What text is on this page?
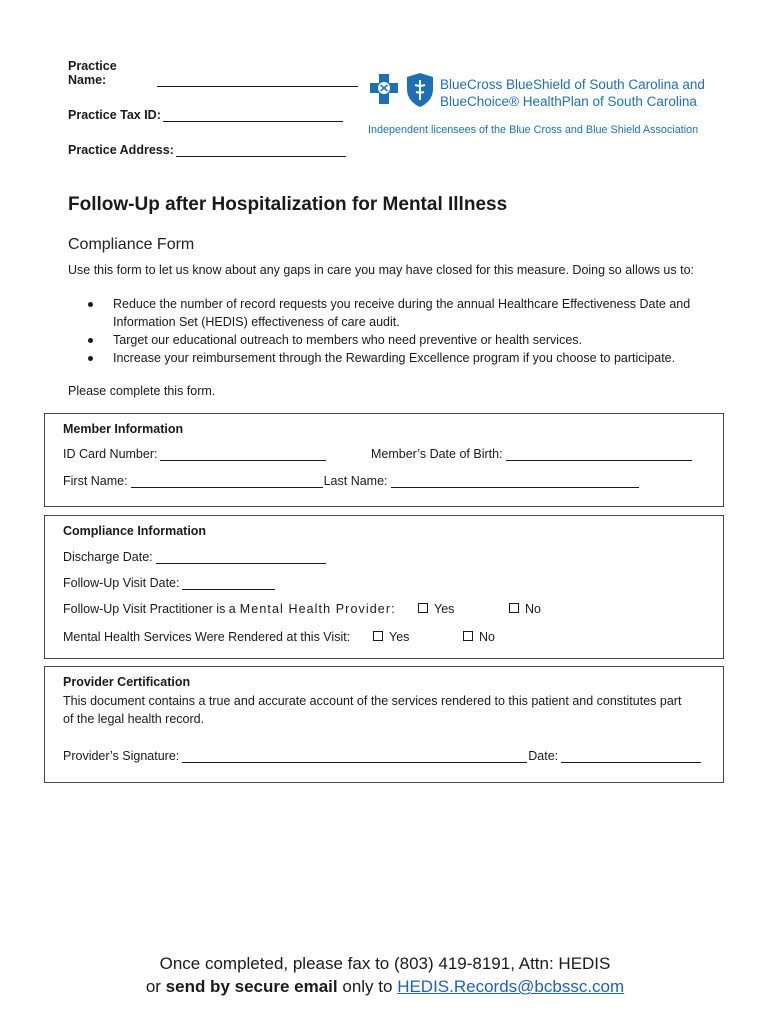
Practice Name:
Practice Tax ID:
Practice Address:
BlueCross BlueShield of South Carolina and
BlueChoice® HealthPlan of South Carolina
Independent licensees of the Blue Cross and Blue Shield Association
Follow-Up after Hospitalization for Mental Illness
Compliance Form
Use this form to let us know about any gaps in care you may have closed for this measure. Doing so allows us to:
Reduce the number of record requests you receive during the annual Healthcare Effectiveness Date and Information Set (HEDIS) effectiveness of care audit.
Target our educational outreach to members who need preventive or health services.
Increase your reimbursement through the Rewarding Excellence program if you choose to participate.
Please complete this form.
Member Information
ID Card Number:	Member’s Date of Birth:
First Name:	Last Name:
Compliance Information
Discharge Date:
Follow-Up Visit Date:
Follow-Up Visit Practitioner is a Mental Health Provider:	Yes	No
Mental Health Services Were Rendered at this Visit:	Yes	No
Provider Certification
This document contains a true and accurate account of the services rendered to this patient and constitutes part
of the legal health record.
Provider’s Signature:	Date:
Once completed, please fax to (803) 419-8191, Attn: HEDIS
or send by secure email only to HEDIS.Records@bcbssc.com
